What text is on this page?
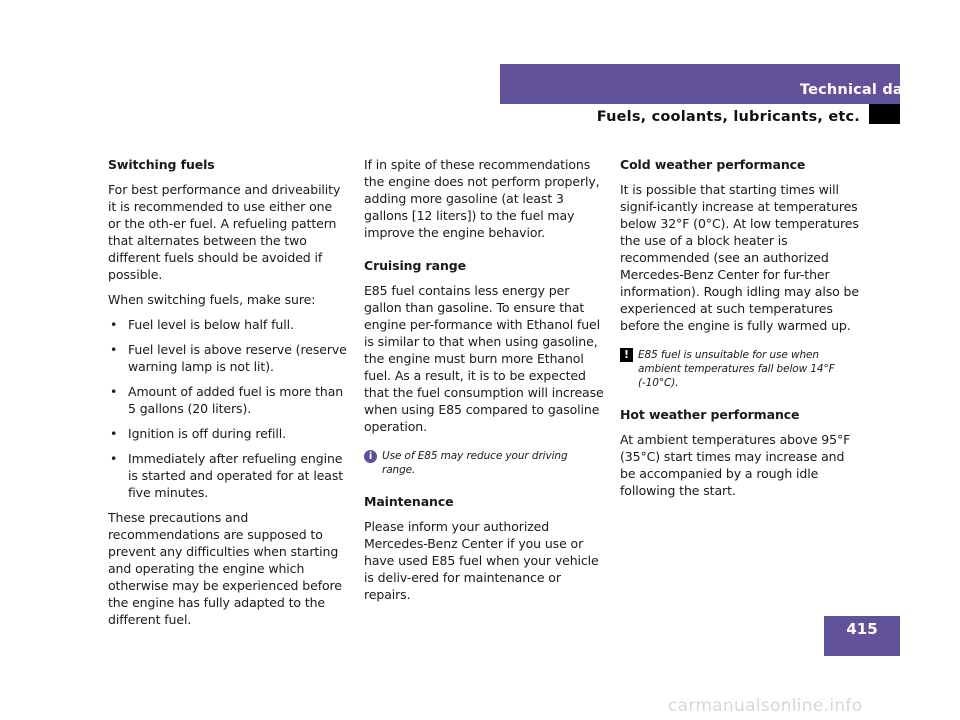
Technical data
Fuels, coolants, lubricants, etc.

Switching fuels

For best performance and driveability it is recommended to use either one or the oth-er fuel. A refueling pattern that alternates between the two different fuels should be avoided if possible.

When switching fuels, make sure:

• Fuel level is below half full.
• Fuel level is above reserve (reserve warning lamp is not lit).
• Amount of added fuel is more than 5 gallons (20 liters).
• Ignition is off during refill.
• Immediately after refueling engine is started and operated for at least five minutes.

These precautions and recommendations are supposed to prevent any difficulties when starting and operating the engine which otherwise may be experienced before the engine has fully adapted to the different fuel.

If in spite of these recommendations the engine does not perform properly, adding more gasoline (at least 3 gallons [12 liters]) to the fuel may improve the engine behavior.

Cruising range

E85 fuel contains less energy per gallon than gasoline. To ensure that engine per-formance with Ethanol fuel is similar to that when using gasoline, the engine must burn more Ethanol fuel. As a result, it is to be expected that the fuel consumption will increase when using E85 compared to gasoline operation.

i Use of E85 may reduce your driving range.

Maintenance

Please inform your authorized Mercedes-Benz Center if you use or have used E85 fuel when your vehicle is deliv-ered for maintenance or repairs.

Cold weather performance

It is possible that starting times will signif-icantly increase at temperatures below 32°F (0°C). At low temperatures the use of a block heater is recommended (see an authorized Mercedes-Benz Center for fur-ther information). Rough idling may also be experienced at such temperatures before the engine is fully warmed up.

! E85 fuel is unsuitable for use when ambient temperatures fall below 14°F (-10°C).

Hot weather performance

At ambient temperatures above 95°F (35°C) start times may increase and be accompanied by a rough idle following the start.

415
carmanualsonline.info
